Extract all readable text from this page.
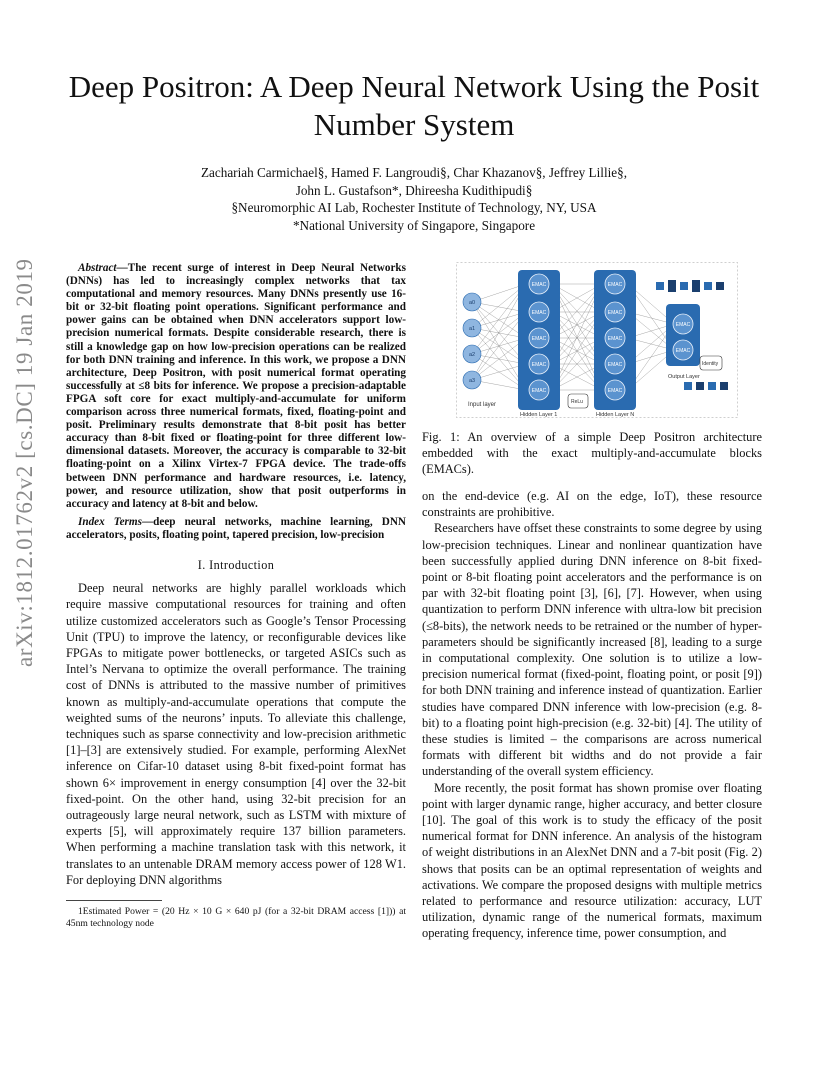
Deep Positron: A Deep Neural Network Using the Posit Number System
Zachariah Carmichael§, Hamed F. Langroudi§, Char Khazanov§, Jeffrey Lillie§,
John L. Gustafson*, Dhireesha Kudithipudi§
§Neuromorphic AI Lab, Rochester Institute of Technology, NY, USA
*National University of Singapore, Singapore
arXiv:1812.01762v2 [cs.DC] 19 Jan 2019	Abstract—The recent surge of interest in Deep Neural Networks (DNNs) has led to increasingly complex networks that tax computational and memory resources. Many DNNs presently use 16-bit or 32-bit floating point operations. Significant performance and power gains can be obtained when DNN accelerators support low-precision numerical formats. Despite considerable research, there is still a knowledge gap on how low-precision operations can be realized for both DNN training and inference. In this work, we propose a DNN architecture, Deep Positron, with posit numerical format operating successfully at ≤8 bits for inference. We propose a precision-adaptable FPGA soft core for exact multiply-and-accumulate for uniform comparison across three numerical formats, fixed, floating-point and posit. Preliminary results demonstrate that 8-bit posit has better accuracy than 8-bit fixed or floating-point for three different low-dimensional datasets. Moreover, the accuracy is comparable to 32-bit floating-point on a Xilinx Virtex-7 FPGA device. The trade-offs between DNN performance and hardware resources, i.e. latency, power, and resource utilization, show that posit outperforms in accuracy and latency at 8-bit and below.

Index Terms—deep neural networks, machine learning, DNN accelerators, posits, floating point, tapered precision, low-precision

I. Introduction

Deep neural networks are highly parallel workloads which require massive computational resources for training and often utilize customized accelerators such as Google’s Tensor Processing Unit (TPU) to improve the latency, or reconfigurable devices like FPGAs to mitigate power bottlenecks, or targeted ASICs such as Intel’s Nervana to optimize the overall performance. The training cost of DNNs is attributed to the massive number of primitives known as multiply-and-accumulate operations that compute the weighted sums of the neurons’ inputs. To alleviate this challenge, techniques such as sparse connectivity and low-precision arithmetic [1]–[3] are extensively studied. For example, performing AlexNet inference on Cifar-10 dataset using 8-bit fixed-point format has shown 6× improvement in energy consumption [4] over the 32-bit fixed-point. On the other hand, using 32-bit precision for an outrageously large neural network, such as LSTM with mixture of experts [5], will approximately require 137 billion parameters. When performing a machine translation task with this network, it translates to an untenable DRAM memory access power of 128 W1. For deploying DNN algorithms

1Estimated Power = (20 Hz × 10 G × 640 pJ (for a 32-bit DRAM access [1])) at 45nm technology node

EMAC
EMAC
EMAC
EMAC
EMAC
EMAC
EMAC
EMAC
EMAC
EMAC
EMAC
EMAC
a0
a1
a2
a3
Input layer
Hidden Layer 1	Hidden Layer N
ReLu
Output Layer
Identity
Fig. 1: An overview of a simple Deep Positron architecture embedded with the exact multiply-and-accumulate blocks (EMACs).

on the end-device (e.g. AI on the edge, IoT), these resource constraints are prohibitive.

Researchers have offset these constraints to some degree by using low-precision techniques. Linear and nonlinear quantization have been successfully applied during DNN inference on 8-bit fixed-point or 8-bit floating point accelerators and the performance is on par with 32-bit floating point [3], [6], [7]. However, when using quantization to perform DNN inference with ultra-low bit precision (≤8-bits), the network needs to be retrained or the number of hyper-parameters should be significantly increased [8], leading to a surge in computational complexity. One solution is to utilize a low-precision numerical format (fixed-point, floating point, or posit [9]) for both DNN training and inference instead of quantization. Earlier studies have compared DNN inference with low-precision (e.g. 8-bit) to a floating point high-precision (e.g. 32-bit) [4]. The utility of these studies is limited – the comparisons are across numerical formats with different bit widths and do not provide a fair understanding of the overall system efficiency.

More recently, the posit format has shown promise over floating point with larger dynamic range, higher accuracy, and better closure [10]. The goal of this work is to study the efficacy of the posit numerical format for DNN inference. An analysis of the histogram of weight distributions in an AlexNet DNN and a 7-bit posit (Fig. 2) shows that posits can be an optimal representation of weights and activations. We compare the proposed designs with multiple metrics related to performance and resource utilization: accuracy, LUT utilization, dynamic range of the numerical formats, maximum operating frequency, inference time, power consumption, and
